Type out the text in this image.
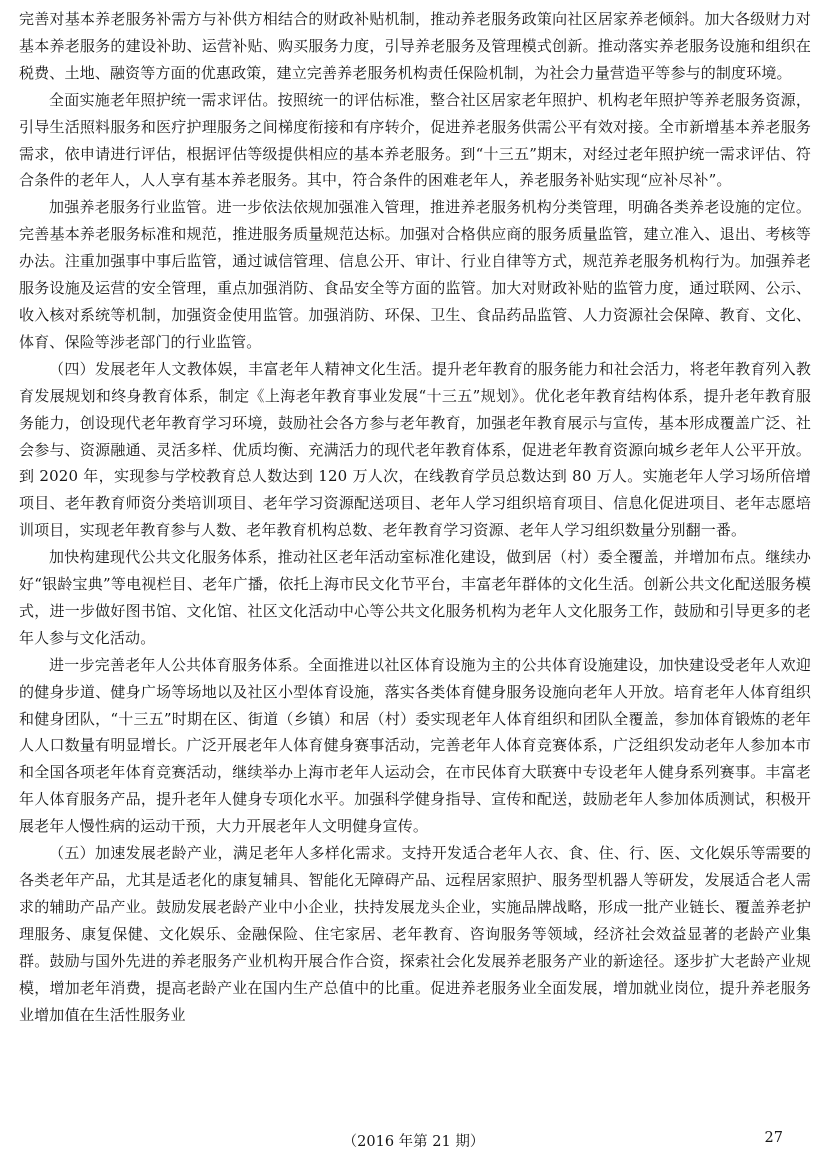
完善对基本养老服务补需方与补供方相结合的财政补贴机制，推动养老服务政策向社区居家养老倾斜。加大各级财力对基本养老服务的建设补助、运营补贴、购买服务力度，引导养老服务及管理模式创新。推动落实养老服务设施和组织在税费、土地、融资等方面的优惠政策，建立完善养老服务机构责任保险机制，为社会力量营造平等参与的制度环境。

全面实施老年照护统一需求评估。按照统一的评估标准，整合社区居家老年照护、机构老年照护等养老服务资源，引导生活照料服务和医疗护理服务之间梯度衔接和有序转介，促进养老服务供需公平有效对接。全市新增基本养老服务需求，依申请进行评估，根据评估等级提供相应的基本养老服务。到“十三五”期末，对经过老年照护统一需求评估、符合条件的老年人，人人享有基本养老服务。其中，符合条件的困难老年人，养老服务补贴实现“应补尽补”。

加强养老服务行业监管。进一步依法依规加强准入管理，推进养老服务机构分类管理，明确各类养老设施的定位。完善基本养老服务标准和规范，推进服务质量规范达标。加强对合格供应商的服务质量监管，建立准入、退出、考核等办法。注重加强事中事后监管，通过诚信管理、信息公开、审计、行业自律等方式，规范养老服务机构行为。加强养老服务设施及运营的安全管理，重点加强消防、食品安全等方面的监管。加大对财政补贴的监管力度，通过联网、公示、收入核对系统等机制，加强资金使用监管。加强消防、环保、卫生、食品药品监管、人力资源社会保障、教育、文化、体育、保险等涉老部门的行业监管。

（四）发展老年人文教体娱，丰富老年人精神文化生活。提升老年教育的服务能力和社会活力，将老年教育列入教育发展规划和终身教育体系，制定《上海老年教育事业发展“十三五”规划》。优化老年教育结构体系，提升老年教育服务能力，创设现代老年教育学习环境，鼓励社会各方参与老年教育，加强老年教育展示与宣传，基本形成覆盖广泛、社会参与、资源融通、灵活多样、优质均衡、充满活力的现代老年教育体系，促进老年教育资源向城乡老年人公平开放。到 2020 年，实现参与学校教育总人数达到 120 万人次，在线教育学员总数达到 80 万人。实施老年人学习场所倍增项目、老年教育师资分类培训项目、老年学习资源配送项目、老年人学习组织培育项目、信息化促进项目、老年志愿培训项目，实现老年教育参与人数、老年教育机构总数、老年教育学习资源、老年人学习组织数量分别翻一番。

加快构建现代公共文化服务体系，推动社区老年活动室标准化建设，做到居（村）委全覆盖，并增加布点。继续办好“银龄宝典”等电视栏目、老年广播，依托上海市民文化节平台，丰富老年群体的文化生活。创新公共文化配送服务模式，进一步做好图书馆、文化馆、社区文化活动中心等公共文化服务机构为老年人文化服务工作，鼓励和引导更多的老年人参与文化活动。

进一步完善老年人公共体育服务体系。全面推进以社区体育设施为主的公共体育设施建设，加快建设受老年人欢迎的健身步道、健身广场等场地以及社区小型体育设施，落实各类体育健身服务设施向老年人开放。培育老年人体育组织和健身团队，“十三五”时期在区、街道（乡镇）和居（村）委实现老年人体育组织和团队全覆盖，参加体育锻炼的老年人人口数量有明显增长。广泛开展老年人体育健身赛事活动，完善老年人体育竞赛体系，广泛组织发动老年人参加本市和全国各项老年体育竞赛活动，继续举办上海市老年人运动会，在市民体育大联赛中专设老年人健身系列赛事。丰富老年人体育服务产品，提升老年人健身专项化水平。加强科学健身指导、宣传和配送，鼓励老年人参加体质测试，积极开展老年人慢性病的运动干预，大力开展老年人文明健身宣传。

（五）加速发展老龄产业，满足老年人多样化需求。支持开发适合老年人衣、食、住、行、医、文化娱乐等需要的各类老年产品，尤其是适老化的康复辅具、智能化无障碍产品、远程居家照护、服务型机器人等研发，发展适合老人需求的辅助产品产业。鼓励发展老龄产业中小企业，扶持发展龙头企业，实施品牌战略，形成一批产业链长、覆盖养老护理服务、康复保健、文化娱乐、金融保险、住宅家居、老年教育、咨询服务等领域，经济社会效益显著的老龄产业集群。鼓励与国外先进的养老服务产业机构开展合作合资，探索社会化发展养老服务产业的新途径。逐步扩大老龄产业规模，增加老年消费，提高老龄产业在国内生产总值中的比重。促进养老服务业全面发展，增加就业岗位，提升养老服务业增加值在生活性服务业

（2016 年第 21 期）	27
